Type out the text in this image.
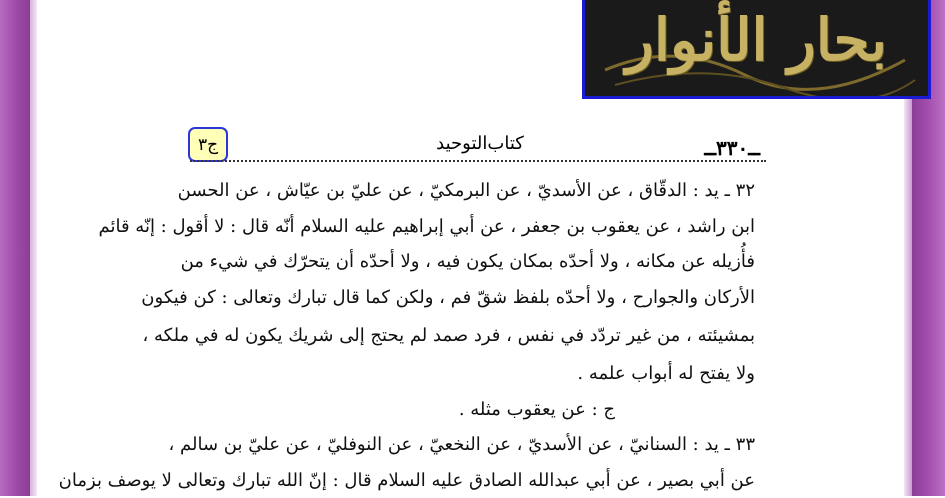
بحار الأنوار
ج٣	كتاب‌التوحيد	ــ٣٣٠ــ
٣٢ ـ يد : الدقّاق ، عن الأسديّ ، عن البرمكيّ ، عن عليّ بن عيّاش ، عن الحسن
ابن راشد ، عن يعقوب بن جعفر ، عن أبي إبراهيم عليه السلام أنّه قال : لا أقول : إنّه قائم
فأُزيله عن مكانه ، ولا أحدّه بمكان يكون فيه ، ولا أحدّه أن يتحرّك في شيء من
الأركان والجوارح ، ولا أحدّه بلفظ شقّ فم ، ولكن كما قال تبارك وتعالى : كن فيكون
بمشيئته ، من غير تردّد في نفس ، فرد صمد لم يحتج إلى شريك يكون له في ملكه ،
ولا يفتح له أبواب علمه .
ج : عن يعقوب مثله .
٣٣ ـ يد : السنانيّ ، عن الأسديّ ، عن النخعيّ ، عن النوفليّ ، عن عليّ بن سالم ،
عن أبي بصير ، عن أبي عبدالله الصادق عليه السلام قال : إنّ الله تبارك وتعالى لا يوصف بزمان
